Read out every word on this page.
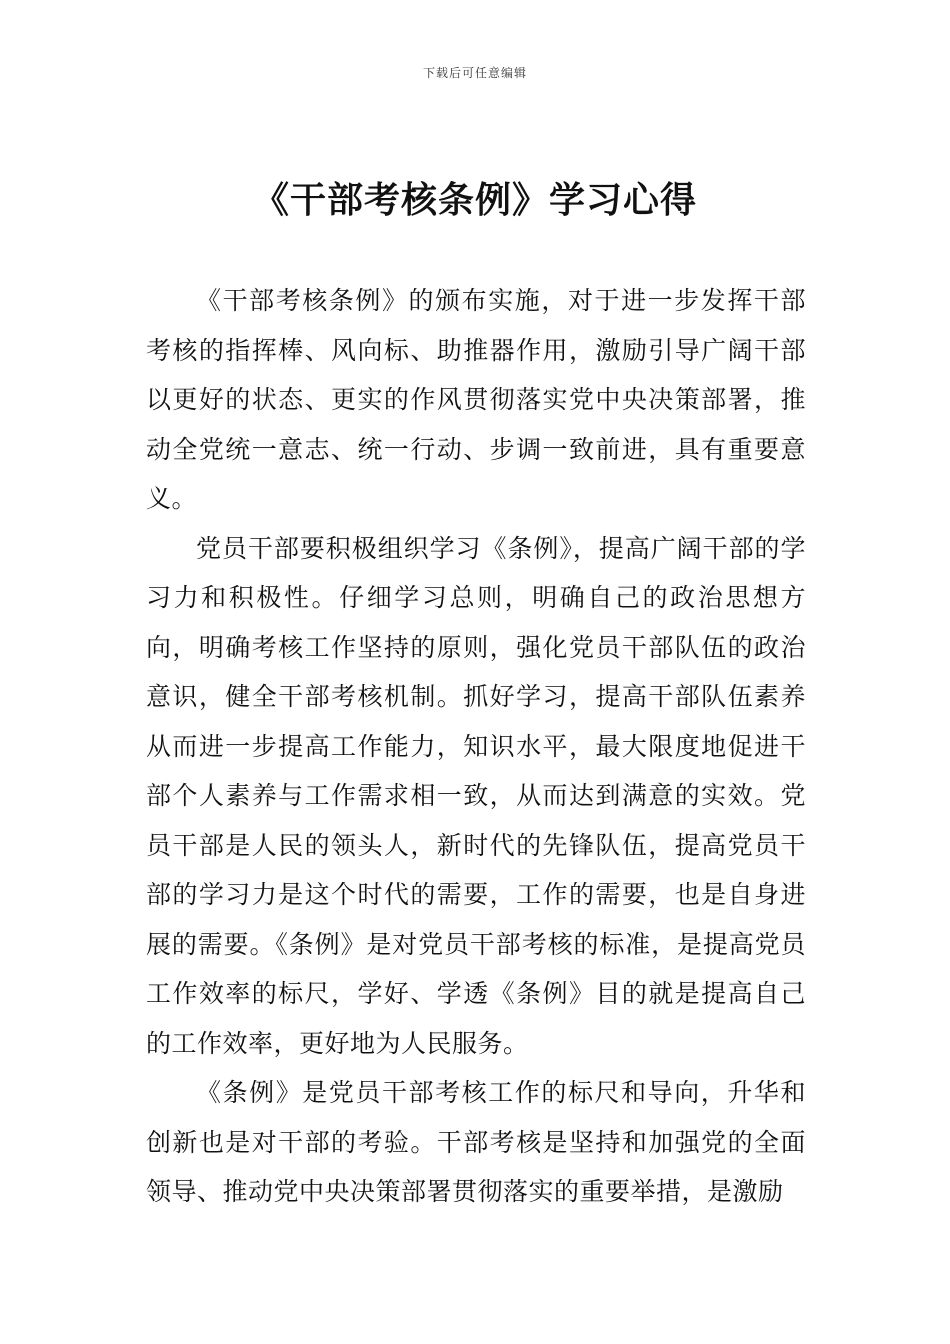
下载后可任意编辑
《干部考核条例》学习心得

《干部考核条例》的颁布实施，对于进一步发挥干部考核的指挥棒、风向标、助推器作用，激励引导广阔干部以更好的状态、更实的作风贯彻落实党中央决策部署，推动全党统一意志、统一行动、步调一致前进，具有重要意义。

党员干部要积极组织学习《条例》，提高广阔干部的学习力和积极性。仔细学习总则，明确自己的政治思想方向，明确考核工作坚持的原则，强化党员干部队伍的政治意识，健全干部考核机制。抓好学习，提高干部队伍素养从而进一步提高工作能力，知识水平，最大限度地促进干部个人素养与工作需求相一致，从而达到满意的实效。党员干部是人民的领头人，新时代的先锋队伍，提高党员干部的学习力是这个时代的需要，工作的需要，也是自身进展的需要。《条例》是对党员干部考核的标准，是提高党员工作效率的标尺，学好、学透《条例》目的就是提高自己的工作效率，更好地为人民服务。

《条例》是党员干部考核工作的标尺和导向，升华和创新也是对干部的考验。干部考核是坚持和加强党的全面领导、推动党中央决策部署贯彻落实的重要举措，是激励
